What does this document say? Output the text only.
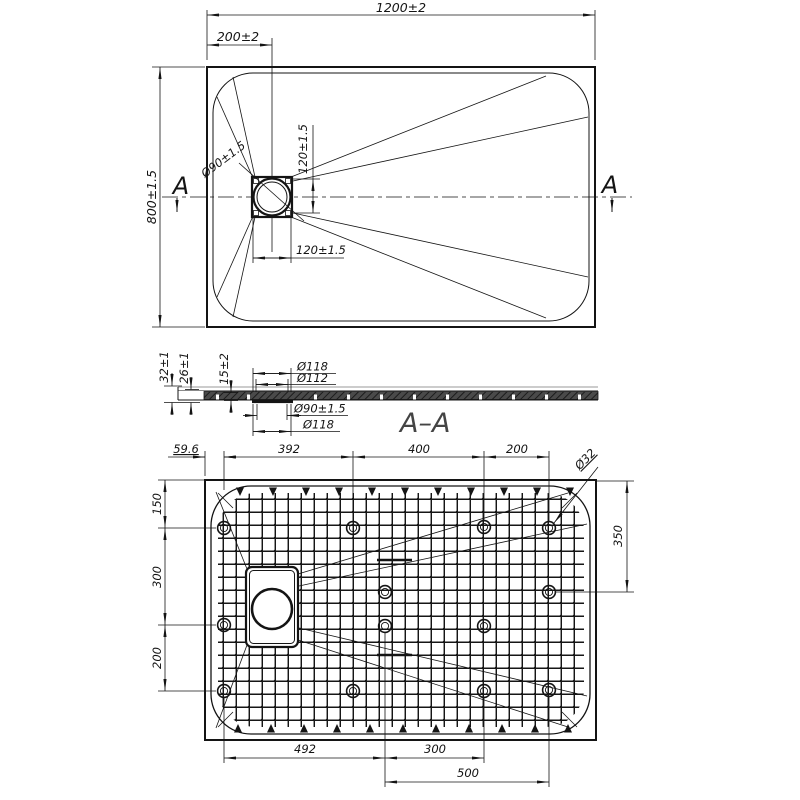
1200±2
200±2
800±1.5 A	A
Ø90±1.5	120±1.5
120±1.5
32±1 26±1 15±2	Ø118
Ø112
Ø90±1.5
Ø118 A–A
59.6	392	400	200	Ø32
150
300
200
350
492	300
500
